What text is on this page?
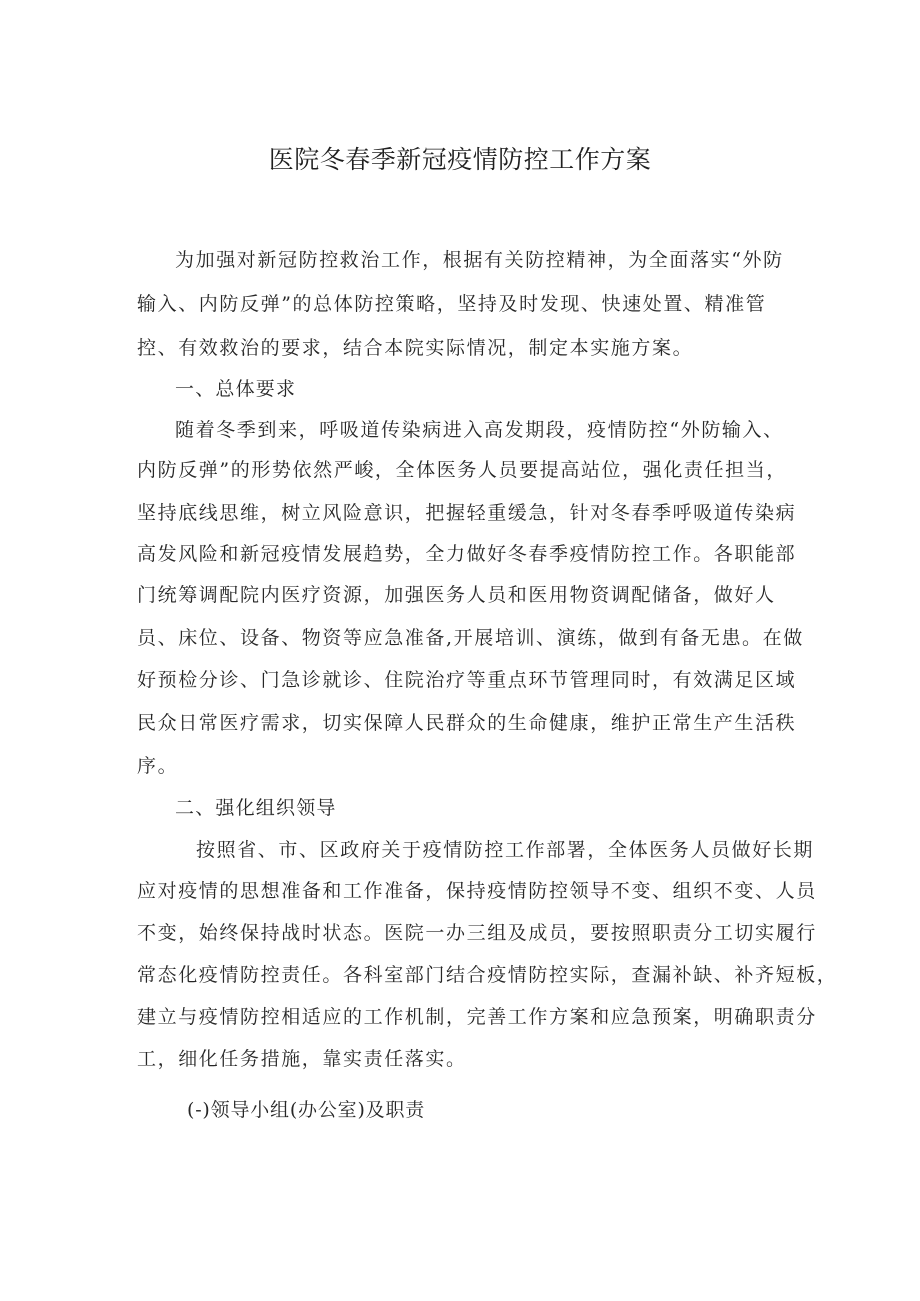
医院冬春季新冠疫情防控工作方案
为加强对新冠防控救治工作，根据有关防控精神，为全面落实“外防
输入、内防反弹”的总体防控策略，坚持及时发现、快速处置、精准管
控、有效救治的要求，结合本院实际情况，制定本实施方案。
一、总体要求
随着冬季到来，呼吸道传染病进入高发期段，疫情防控“外防输入、
内防反弹”的形势依然严峻，全体医务人员要提高站位，强化责任担当，
坚持底线思维，树立风险意识，把握轻重缓急，针对冬春季呼吸道传染病
高发风险和新冠疫情发展趋势，全力做好冬春季疫情防控工作。各职能部
门统筹调配院内医疗资源，加强医务人员和医用物资调配储备，做好人
员、床位、设备、物资等应急准备,开展培训、演练，做到有备无患。在做
好预检分诊、门急诊就诊、住院治疗等重点环节管理同时，有效满足区域
民众日常医疗需求，切实保障人民群众的生命健康，维护正常生产生活秩
序。
二、强化组织领导
按照省、市、区政府关于疫情防控工作部署，全体医务人员做好长期
应对疫情的思想准备和工作准备，保持疫情防控领导不变、组织不变、人员
不变，始终保持战时状态。医院一办三组及成员，要按照职责分工切实履行
常态化疫情防控责任。各科室部门结合疫情防控实际，查漏补缺、补齐短板，
建立与疫情防控相适应的工作机制，完善工作方案和应急预案，明确职责分
工，细化任务措施，靠实责任落实。
(-)领导小组(办公室)及职责
